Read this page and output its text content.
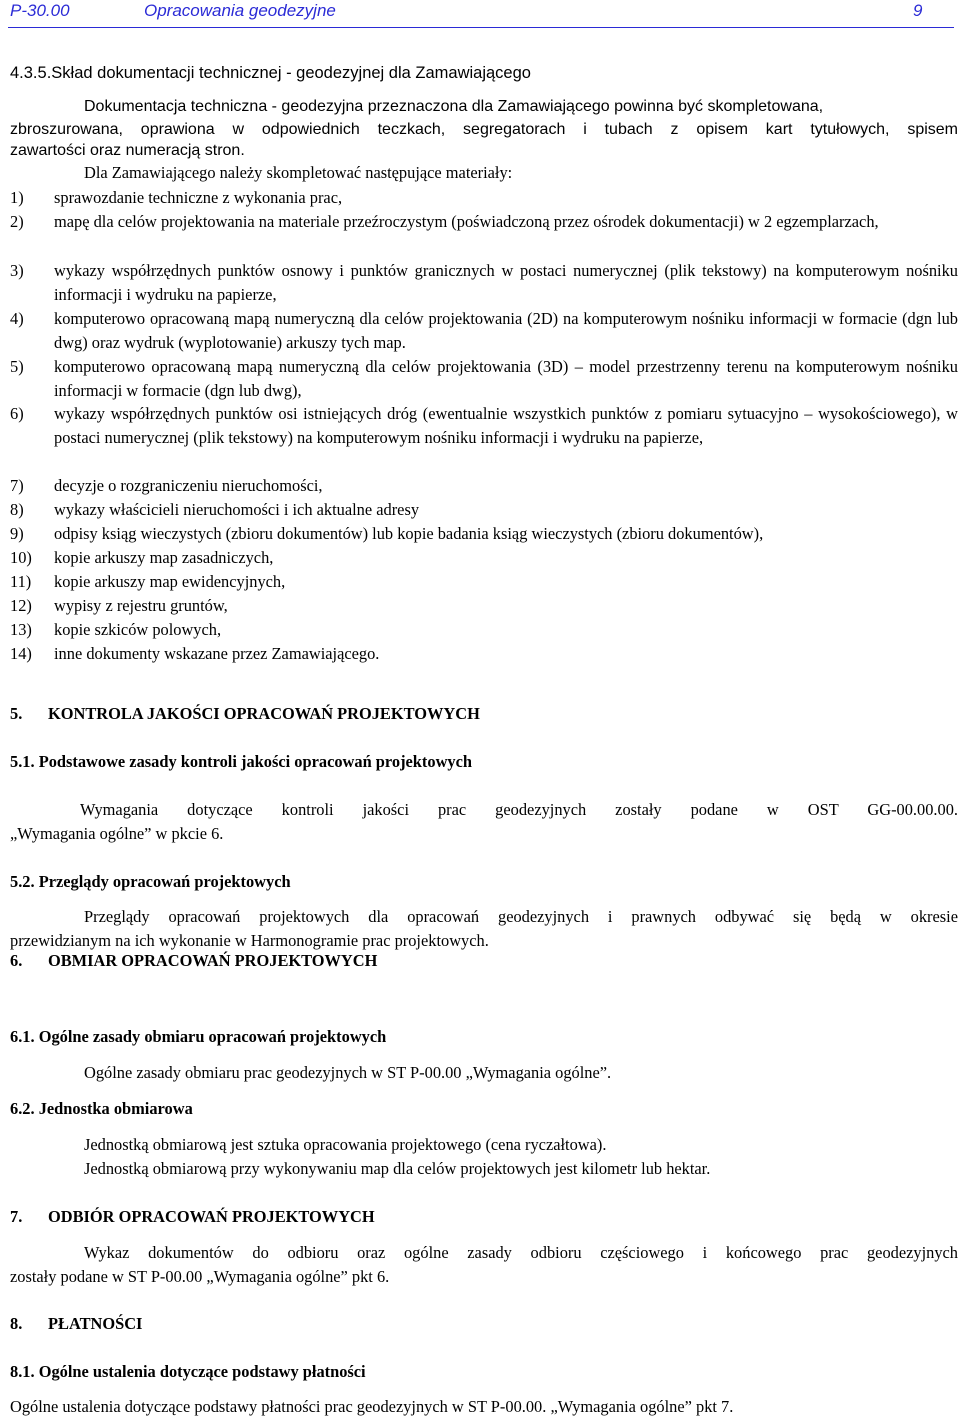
P-30.00	Opracowania geodezyjne	9
4.3.5.Skład dokumentacji technicznej - geodezyjnej dla Zamawiającego
Dokumentacja techniczna - geodezyjna przeznaczona dla Zamawiającego powinna być skompletowana,
zbroszurowana, oprawiona w odpowiednich teczkach, segregatorach i tubach z opisem kart tytułowych, spisem
zawartości oraz numeracją stron.
Dla Zamawiającego należy skompletować następujące materiały:
1) sprawozdanie techniczne z wykonania prac,
2) mapę dla celów projektowania na materiale przeźroczystym (poświadczoną przez ośrodek dokumentacji) w 2 egzemplarzach,
3) wykazy współrzędnych punktów osnowy i punktów granicznych w postaci numerycznej (plik tekstowy) na komputerowym nośniku informacji i wydruku na papierze,
4) komputerowo opracowaną mapą numeryczną dla celów projektowania (2D) na komputerowym nośniku informacji w formacie (dgn lub dwg) oraz wydruk (wyplotowanie) arkuszy tych map.
5) komputerowo opracowaną mapą numeryczną dla celów projektowania (3D) – model przestrzenny terenu na komputerowym nośniku informacji w formacie (dgn lub dwg),
6) wykazy współrzędnych punktów osi istniejących dróg (ewentualnie wszystkich punktów z pomiaru sytuacyjno – wysokościowego), w postaci numerycznej (plik tekstowy) na komputerowym nośniku informacji i wydruku na papierze,
7) decyzje o rozgraniczeniu nieruchomości,
8) wykazy właścicieli nieruchomości i ich aktualne adresy
9) odpisy ksiąg wieczystych (zbioru dokumentów) lub kopie badania ksiąg wieczystych (zbioru dokumentów),
10) kopie arkuszy map zasadniczych,
11) kopie arkuszy map ewidencyjnych,
12) wypisy z rejestru gruntów,
13) kopie szkiców polowych,
14) inne dokumenty wskazane przez Zamawiającego.
5. KONTROLA JAKOŚCI OPRACOWAŃ PROJEKTOWYCH
5.1. Podstawowe zasady kontroli jakości opracowań projektowych
Wymagania dotyczące kontroli jakości prac geodezyjnych zostały podane w OST GG-00.00.00.
„Wymagania ogólne” w pkcie 6.
5.2. Przeglądy opracowań projektowych
Przeglądy opracowań projektowych dla opracowań geodezyjnych i prawnych odbywać się będą w okresie
przewidzianym na ich wykonanie w Harmonogramie prac projektowych.
6. OBMIAR OPRACOWAŃ PROJEKTOWYCH
6.1. Ogólne zasady obmiaru opracowań projektowych
Ogólne zasady obmiaru prac geodezyjnych w ST P-00.00 „Wymagania ogólne”.
6.2. Jednostka obmiarowa
Jednostką obmiarową jest sztuka opracowania projektowego (cena ryczałtowa).
Jednostką obmiarową przy wykonywaniu map dla celów projektowych jest kilometr lub hektar.
7. ODBIÓR OPRACOWAŃ PROJEKTOWYCH
Wykaz dokumentów do odbioru oraz ogólne zasady odbioru częściowego i końcowego prac geodezyjnych
zostały podane w ST P-00.00 „Wymagania ogólne” pkt 6.
8. PŁATNOŚCI
8.1. Ogólne ustalenia dotyczące podstawy płatności
Ogólne ustalenia dotyczące podstawy płatności prac geodezyjnych w ST P-00.00. „Wymagania ogólne” pkt 7.
